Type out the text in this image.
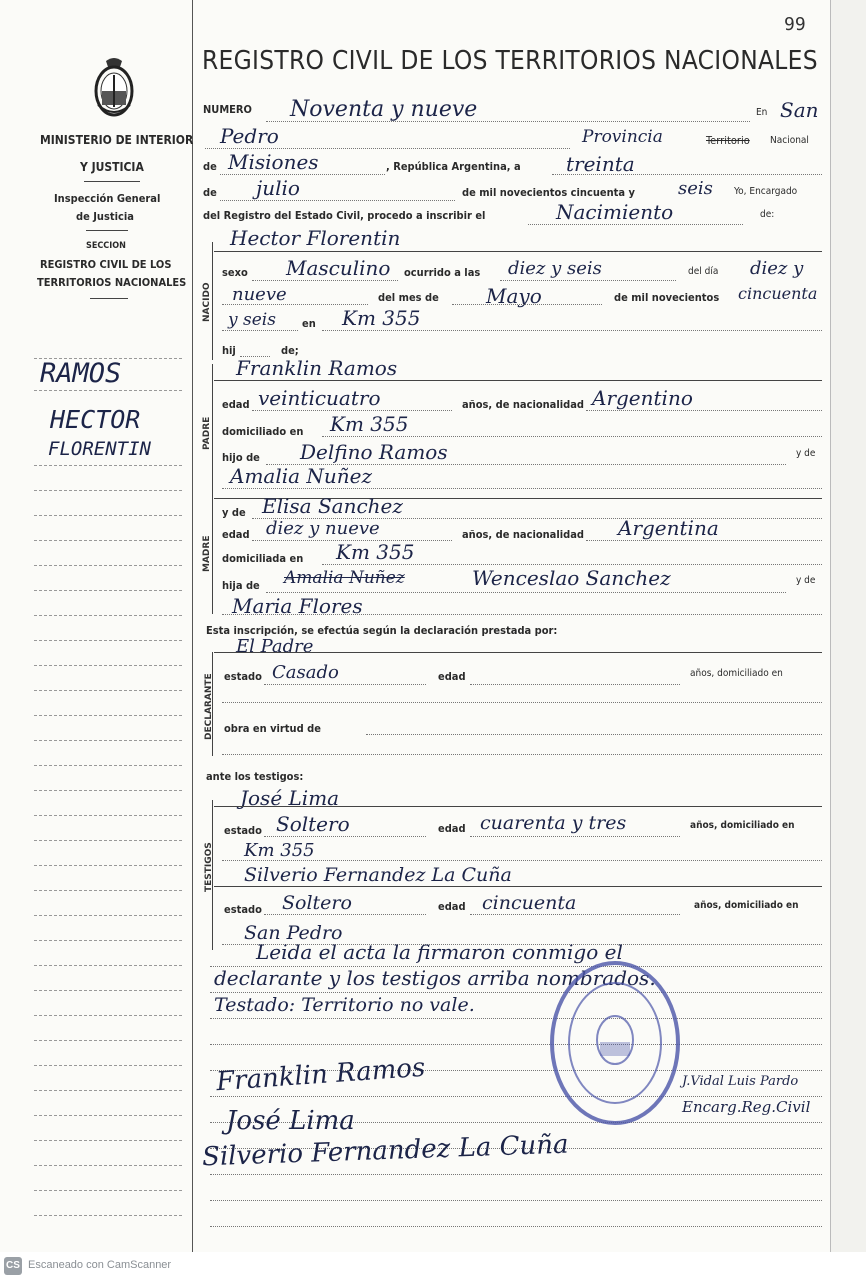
MINISTERIO DE INTERIOR
Y JUSTICIA
Inspección General
de Justicia
SECCION
REGISTRO CIVIL DE LOS
TERRITORIOS NACIONALES
RAMOS
HECTOR
FLORENTIN
99
REGISTRO CIVIL DE LOS TERRITORIOS NACIONALES
NUMERO Noventa y nueve	En San
Pedro	Provincia	Territorio Nacional
de Misiones	, República Argentina, a treinta
de julio	de mil novecientos cincuenta y seis Yo, Encargado
del Registro del Estado Civil, procedo a inscribir el	Nacimiento	de:
NACIDO
Hector Florentin
sexo Masculino ocurrido a las diez y seis	del día diez y
nueve	del mes de Mayo	de mil novecientos cincuenta
y seis en Km 355
hij	de;
PADRE
Franklin Ramos
edad veinticuatro	años, de nacionalidad Argentino
domiciliado en Km 355
hijo de Delfino Ramos	y de
Amalia Nuñez
MADRE
y de Elisa Sanchez
edad diez y nueve	años, de nacionalidad Argentina
domiciliada en Km 355
hija de Amalia Nuñez	Wenceslao Sanchez	y de
Maria Flores
Esta inscripción, se efectúa según la declaración prestada por:
El Padre
DECLARANTE estado Casado	edad	años, domiciliado en
obra en virtud de
ante los testigos:
TESTIGOS
José Lima
estado Soltero	edad cuarenta y tres	años, domiciliado en
Km 355
Silverio Fernandez La Cuña
estado Soltero	edad cincuenta	años, domiciliado en
San Pedro
Leida el acta la firmaron conmigo el
declarante y los testigos arriba nombrados.
Testado: Territorio no vale.
Franklin Ramos
José Lima
Silverio Fernandez La Cuña
J.Vidal Luis Pardo
Encarg.Reg.Civil
CS Escaneado con CamScanner
